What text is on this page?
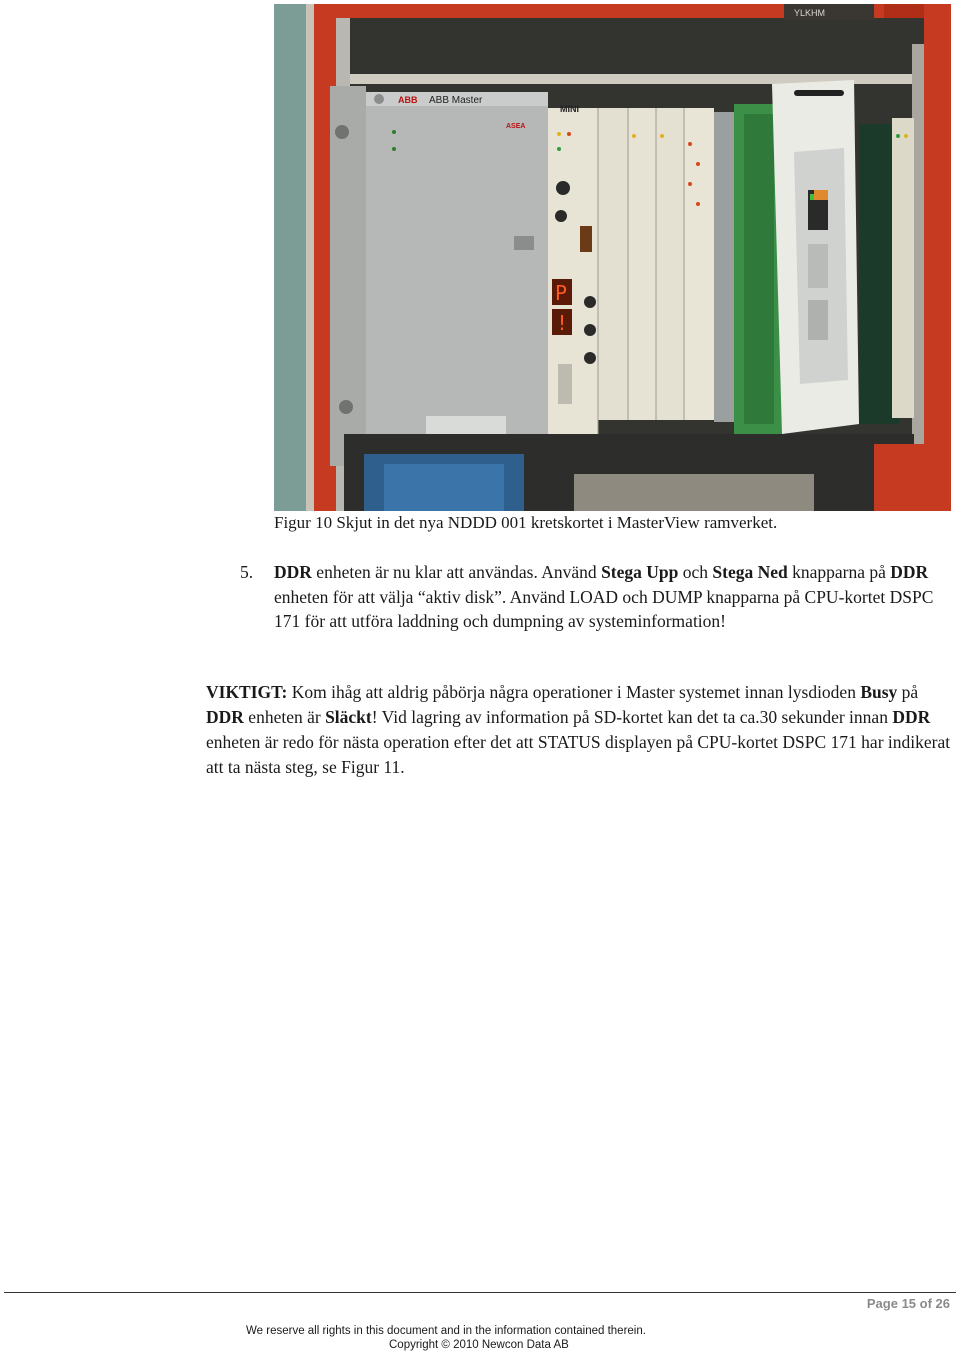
YLKHM
ABB Master
ABB
ASEA
MINI
P
!
Figur 10 Skjut in det nya NDDD 001 kretskortet i MasterView ramverket.
5. DDR enheten är nu klar att användas. Använd Stega Upp och Stega Ned knapparna på DDR enheten för att välja “aktiv disk”. Använd LOAD och DUMP knapparna på CPU-kortet DSPC 171 för att utföra laddning och dumpning av systeminformation!
VIKTIGT: Kom ihåg att aldrig påbörja några operationer i Master systemet innan lysdioden Busy på DDR enheten är Släckt! Vid lagring av information på SD-kortet kan det ta ca.30 sekunder innan DDR enheten är redo för nästa operation efter det att STATUS displayen på CPU-kortet DSPC 171 har indikerat att ta nästa steg, se Figur 11.
Page 15 of 26
We reserve all rights in this document and in the information contained therein.
Copyright © 2010 Newcon Data AB
